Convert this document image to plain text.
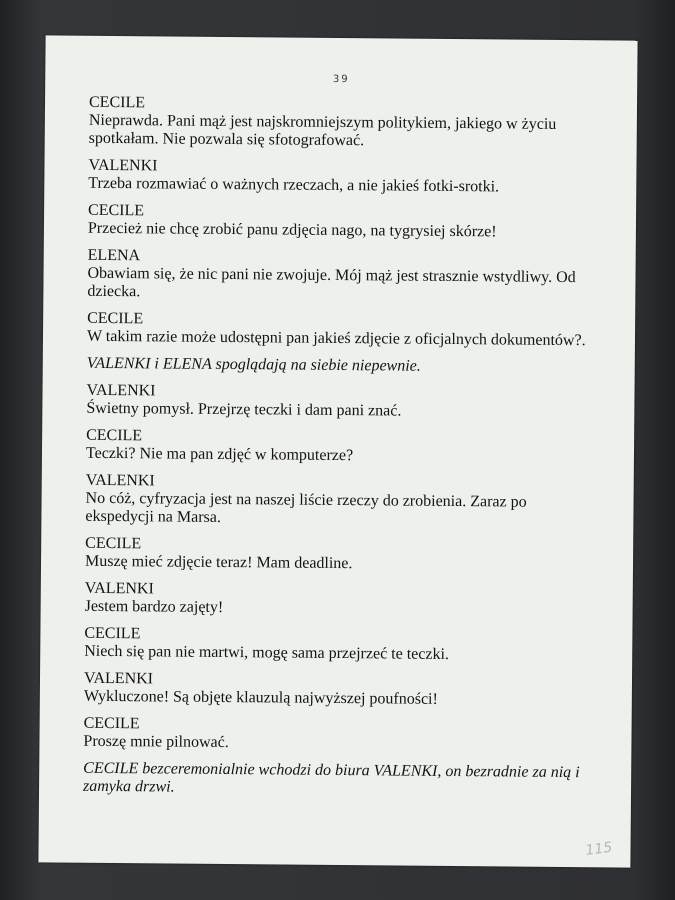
39
CECILE
Nieprawda. Pani mąż jest najskromniejszym politykiem, jakiego w życiu spotkałam. Nie pozwala się sfotografować.
VALENKI
Trzeba rozmawiać o ważnych rzeczach, a nie jakieś fotki-srotki.
CECILE
Przecież nie chcę zrobić panu zdjęcia nago, na tygrysiej skórze!
ELENA
Obawiam się, że nic pani nie zwojuje. Mój mąż jest strasznie wstydliwy. Od dziecka.
CECILE
W takim razie może udostępni pan jakieś zdjęcie z oficjalnych dokumentów?.
VALENKI i ELENA spoglądają na siebie niepewnie.
VALENKI
Świetny pomysł. Przejrzę teczki i dam pani znać.
CECILE
Teczki? Nie ma pan zdjęć w komputerze?
VALENKI
No cóż, cyfryzacja jest na naszej liście rzeczy do zrobienia. Zaraz po ekspedycji na Marsa.
CECILE
Muszę mieć zdjęcie teraz! Mam deadline.
VALENKI
Jestem bardzo zajęty!
CECILE
Niech się pan nie martwi, mogę sama przejrzeć te teczki.
VALENKI
Wykluczone! Są objęte klauzulą najwyższej poufności!
CECILE
Proszę mnie pilnować.
CECILE bezceremonialnie wchodzi do biura VALENKI, on bezradnie za nią i zamyka drzwi.
115
